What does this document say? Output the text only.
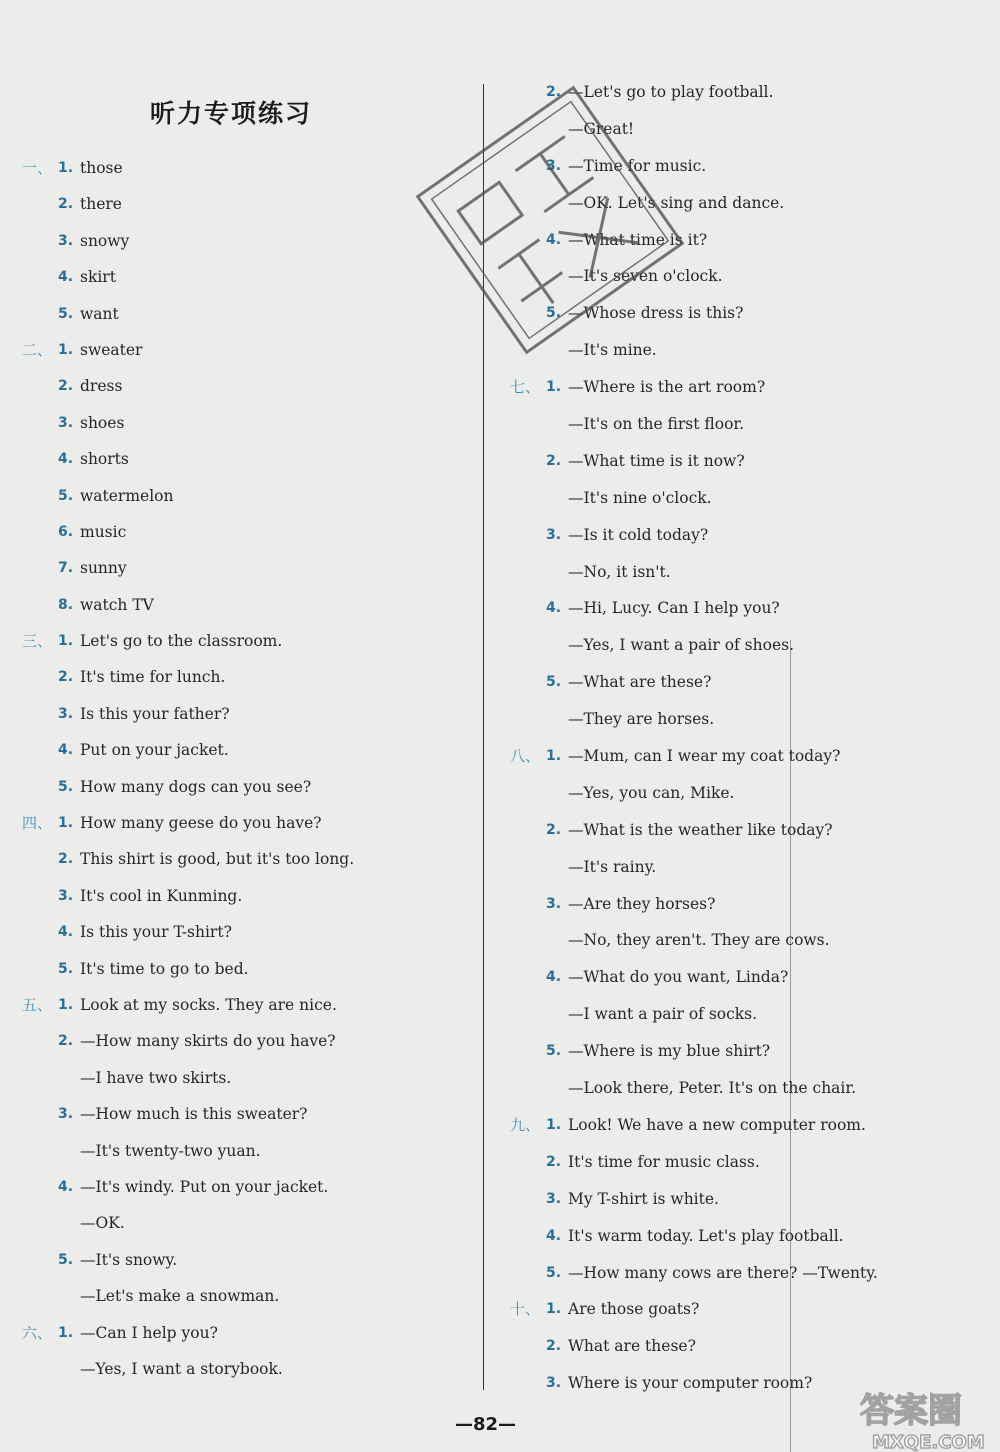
听力专项练习
一、 1. those
2. there
3. snowy
4. skirt
5. want
二、 1. sweater
2. dress
3. shoes
4. shorts
5. watermelon
6. music
7. sunny
8. watch TV
三、 1. Let's go to the classroom.
2. It's time for lunch.
3. Is this your father?
4. Put on your jacket.
5. How many dogs can you see?
四、 1. How many geese do you have?
2. This shirt is good, but it's too long.
3. It's cool in Kunming.
4. Is this your T-shirt?
5. It's time to go to bed.
五、 1. Look at my socks. They are nice.
2. —How many skirts do you have?
—I have two skirts.
3. —How much is this sweater?
—It's twenty-two yuan.
4. —It's windy. Put on your jacket.
—OK.
5. —It's snowy.
—Let's make a snowman.
六、 1. —Can I help you?
—Yes, I want a storybook.
2. —Let's go to play football.
—Great!
3. —Time for music.
—OK. Let's sing and dance.
4. —What time is it?
—It's seven o'clock.
5. —Whose dress is this?
—It's mine.
七、 1. —Where is the art room?
—It's on the first floor.
2. —What time is it now?
—It's nine o'clock.
3. —Is it cold today?
—No, it isn't.
4. —Hi, Lucy. Can I help you?
—Yes, I want a pair of shoes.
5. —What are these?
—They are horses.
八、 1. —Mum, can I wear my coat today?
—Yes, you can, Mike.
2. —What is the weather like today?
—It's rainy.
3. —Are they horses?
—No, they aren't. They are cows.
4. —What do you want, Linda?
—I want a pair of socks.
5. —Where is my blue shirt?
—Look there, Peter. It's on the chair.
九、 1. Look! We have a new computer room.
2. It's time for music class.
3. My T-shirt is white.
4. It's warm today. Let's play football.
5. —How many cows are there? —Twenty.
十、 1. Are those goats?
2. What are these?
3. Where is your computer room?
答案圈
MXQE.COM
—82—
